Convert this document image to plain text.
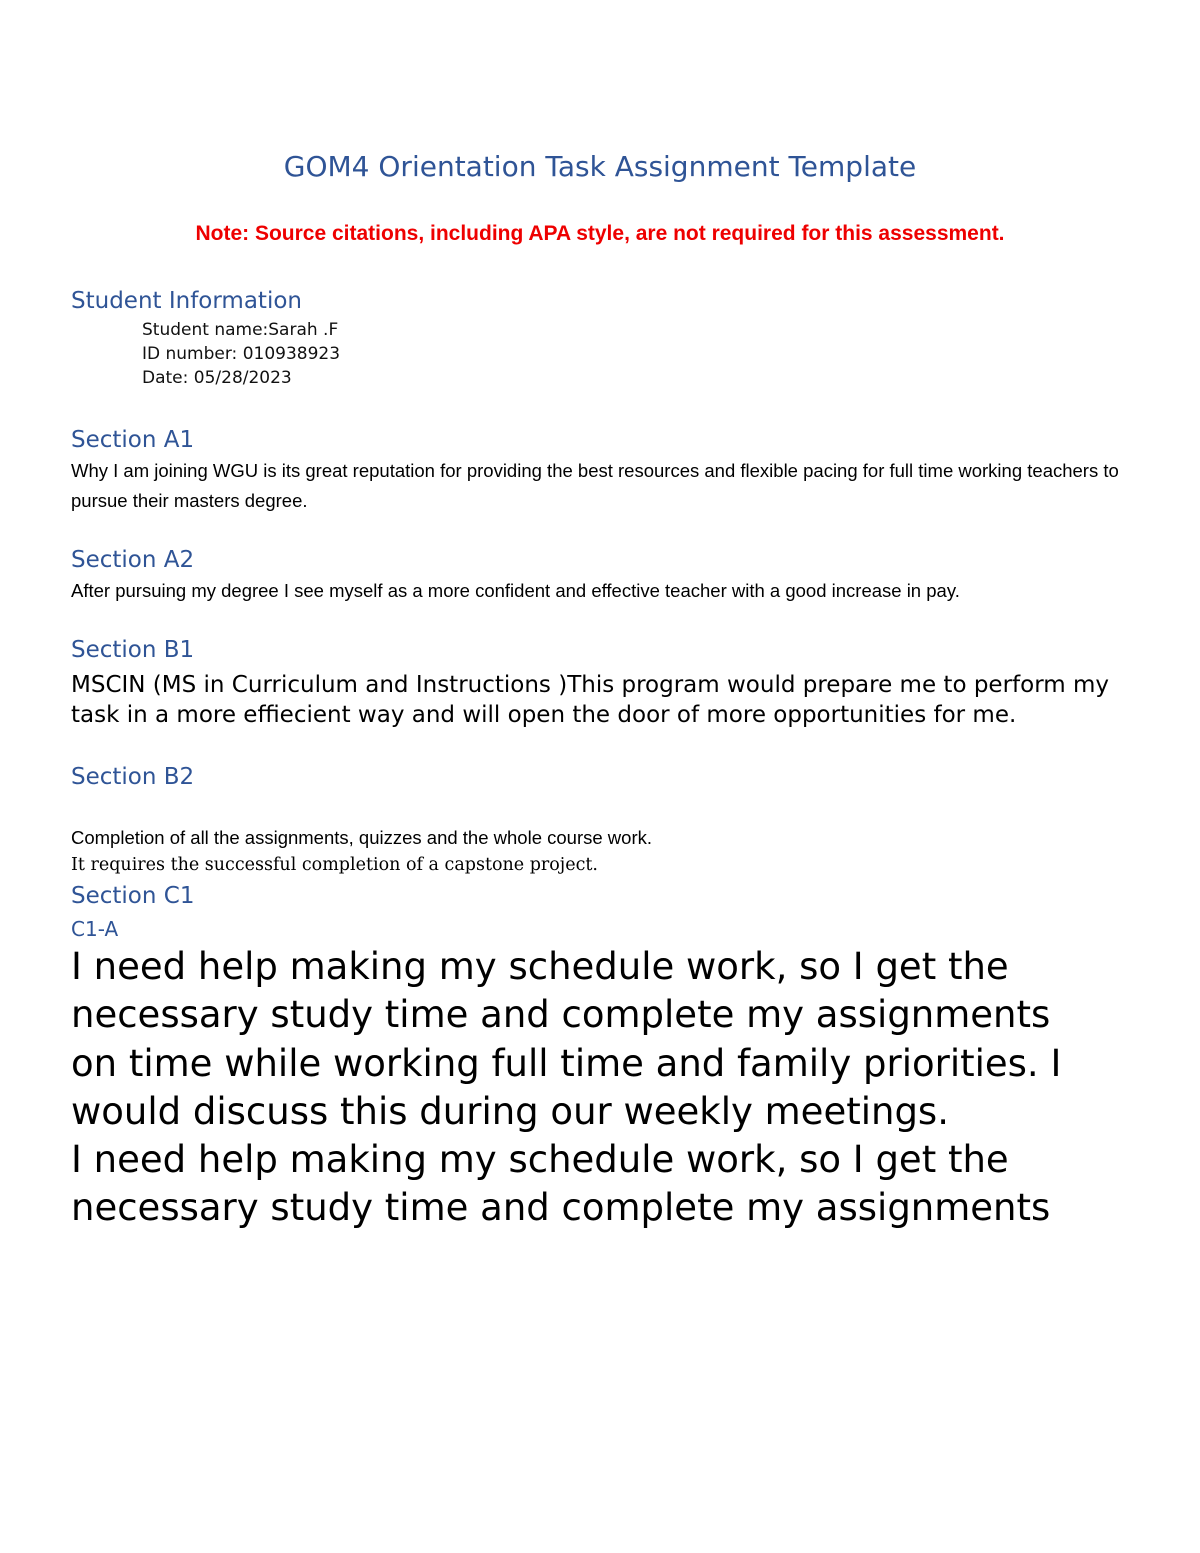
GOM4 Orientation Task Assignment Template

Note: Source citations, including APA style, are not required for this assessment.

Student Information

Student name:Sarah .F

ID number: 010938923

Date: 05/28/2023

Section A1

Why I am joining WGU is its great reputation for providing the best resources and flexible pacing for full time working teachers to pursue their masters degree.

Section A2

After pursuing my degree I see myself as a more confident and effective teacher with a good increase in pay.

Section B1

MSCIN (MS in Curriculum and Instructions )This program would prepare me to perform my task in a more effiecient way and will open the door of more opportunities for me.

Section B2

Completion of all the assignments, quizzes and the whole course work.

It requires the successful completion of a capstone project.

Section C1
C1-A

I need help making my schedule work, so I get the necessary study time and complete my assignments

on time while working full time and family priorities. I would discuss this during our weekly meetings.

I need help making my schedule work, so I get the necessary study time and complete my assignments
